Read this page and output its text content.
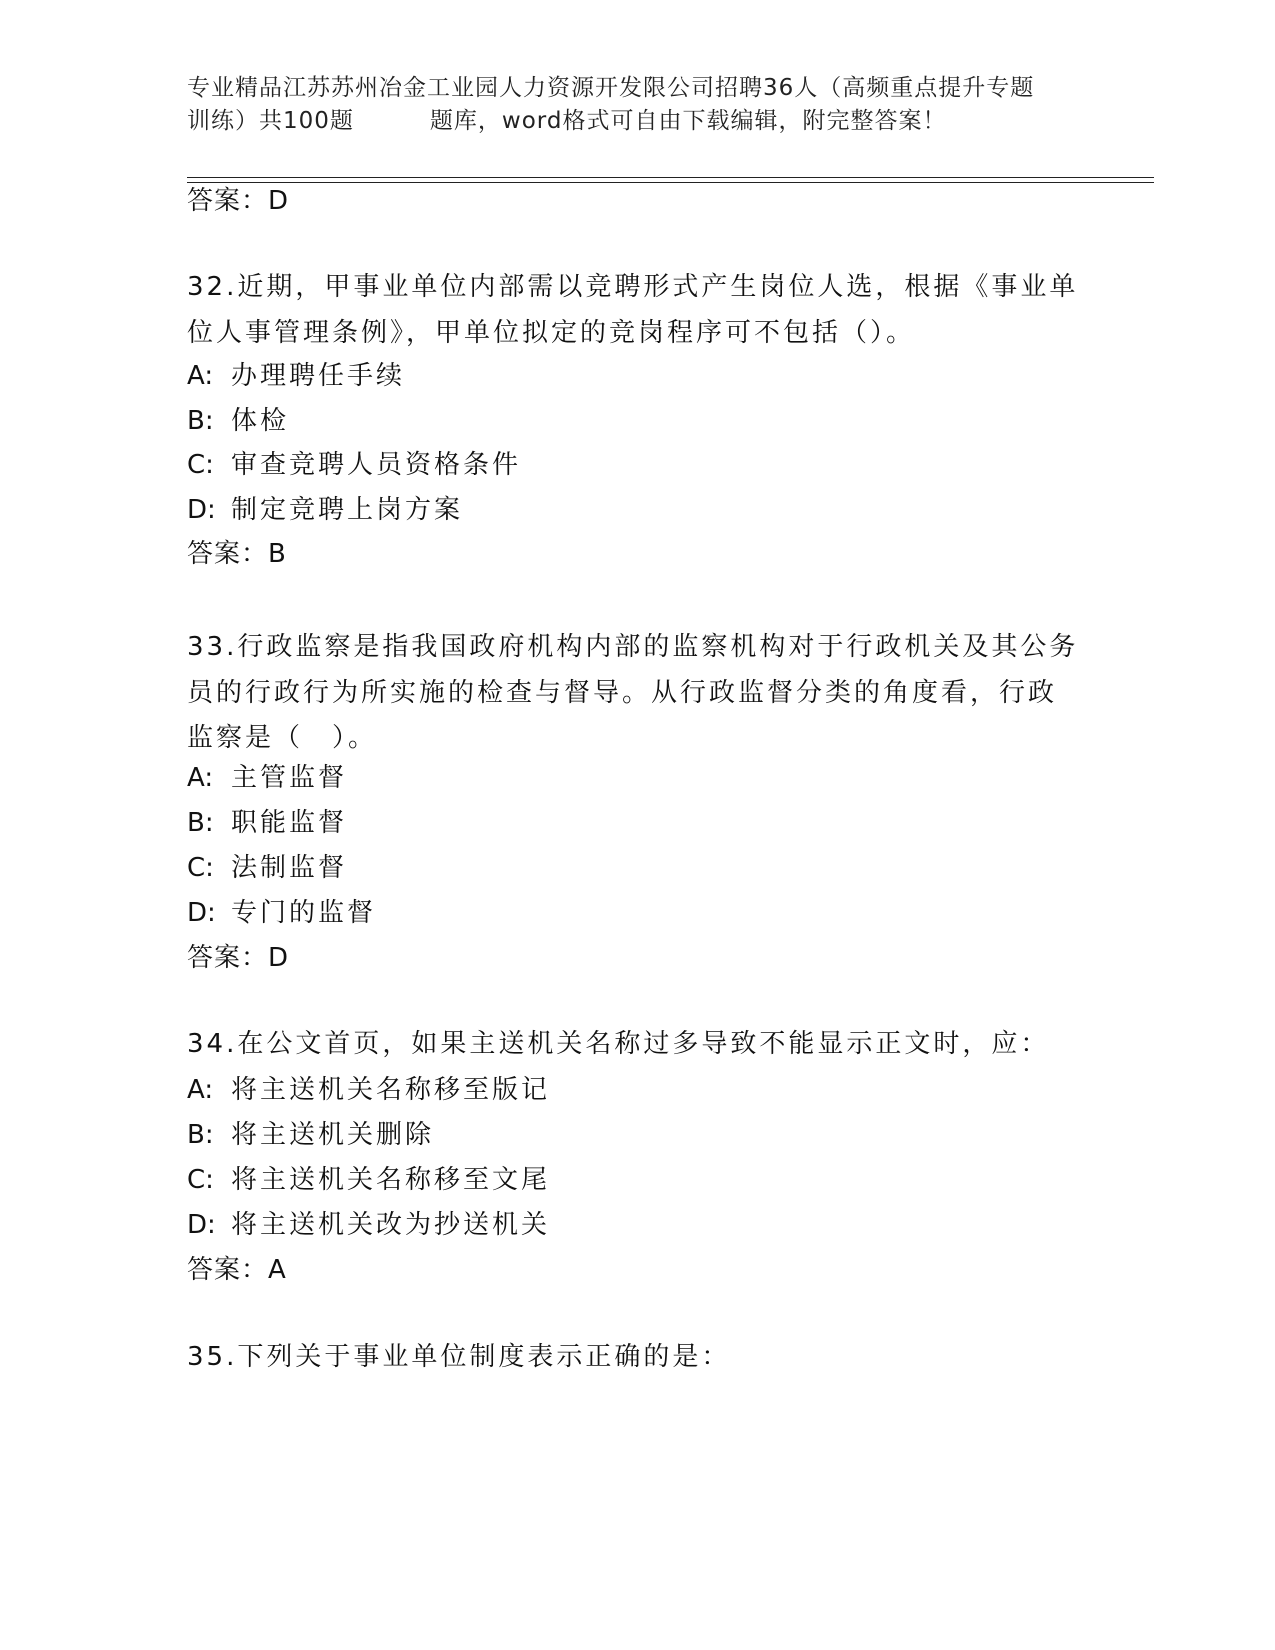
专业精品江苏苏州冶金工业园人力资源开发限公司招聘36人（高频重点提升专题
训练）共100题	题库，word格式可自由下载编辑，附完整答案！
答案：D
32.近期，甲事业单位内部需以竞聘形式产生岗位人选，根据《事业单
位人事管理条例》，甲单位拟定的竞岗程序可不包括（）。
A: 办理聘任手续
B: 体检
C: 审查竞聘人员资格条件
D: 制定竞聘上岗方案
答案：B
33.行政监察是指我国政府机构内部的监察机构对于行政机关及其公务
员的行政行为所实施的检查与督导。从行政监督分类的角度看，行政
监察是（　）。
A: 主管监督
B: 职能监督
C: 法制监督
D: 专门的监督
答案：D
34.在公文首页，如果主送机关名称过多导致不能显示正文时，应：
A: 将主送机关名称移至版记
B: 将主送机关删除
C: 将主送机关名称移至文尾
D: 将主送机关改为抄送机关
答案：A
35.下列关于事业单位制度表示正确的是：
